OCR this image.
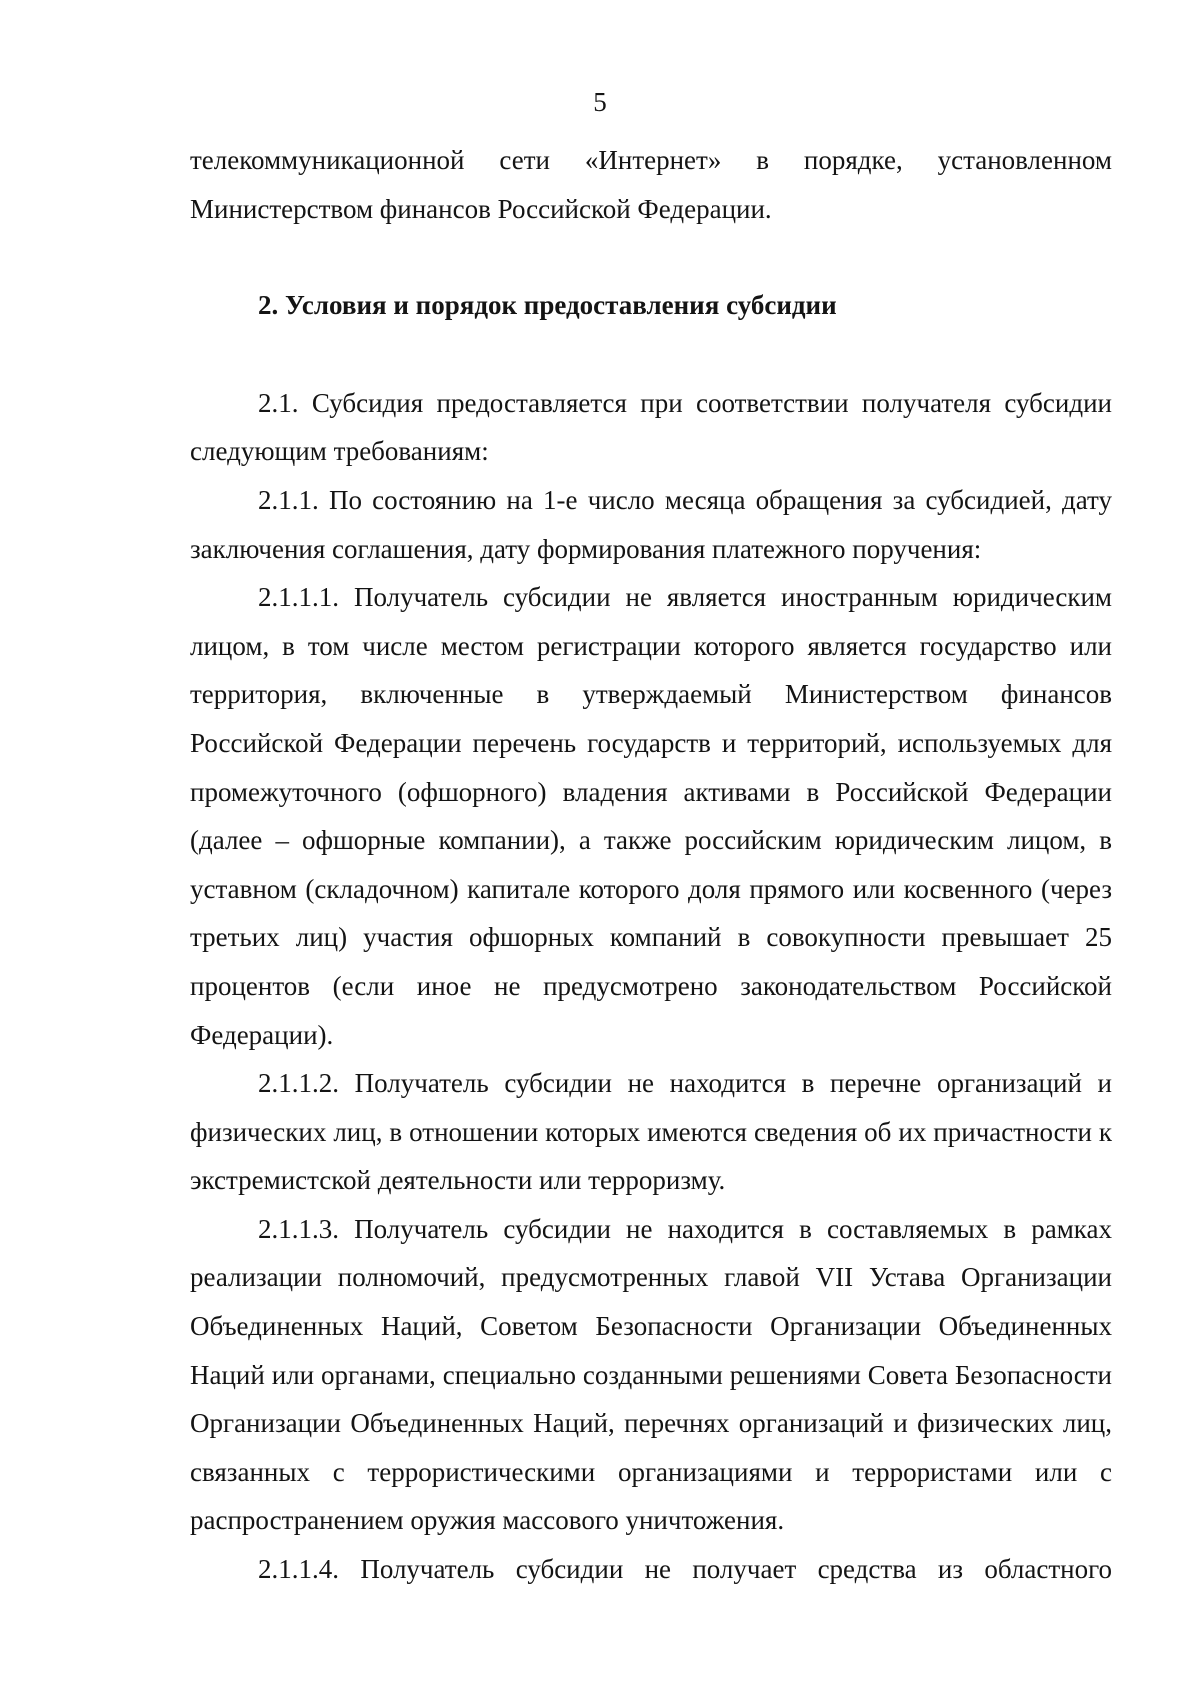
5

телекоммуникационной сети «Интернет» в порядке, установленном

Министерством финансов Российской Федерации.

2. Условия и порядок предоставления субсидии

2.1. Субсидия предоставляется при соответствии получателя субсидии следующим требованиям:

2.1.1. По состоянию на 1-е число месяца обращения за субсидией, дату заключения соглашения, дату формирования платежного поручения:

2.1.1.1. Получатель субсидии не является иностранным юридическим лицом, в том числе местом регистрации которого является государство или территория, включенные в утверждаемый Министерством финансов Российской Федерации перечень государств и территорий, используемых для промежуточного (офшорного) владения активами в Российской Федерации (далее – офшорные компании), а также российским юридическим лицом, в уставном (складочном) капитале которого доля прямого или косвенного (через третьих лиц) участия офшорных компаний в совокупности превышает 25 процентов (если иное не предусмотрено законодательством Российской Федерации).

2.1.1.2. Получатель субсидии не находится в перечне организаций и физических лиц, в отношении которых имеются сведения об их причастности к экстремистской деятельности или терроризму.

2.1.1.3. Получатель субсидии не находится в составляемых в рамках реализации полномочий, предусмотренных главой VII Устава Организации Объединенных Наций, Советом Безопасности Организации Объединенных Наций или органами, специально созданными решениями Совета Безопасности Организации Объединенных Наций, перечнях организаций и физических лиц, связанных с террористическими организациями и террористами или с распространением оружия массового уничтожения.

2.1.1.4. Получатель субсидии не получает средства из областного
